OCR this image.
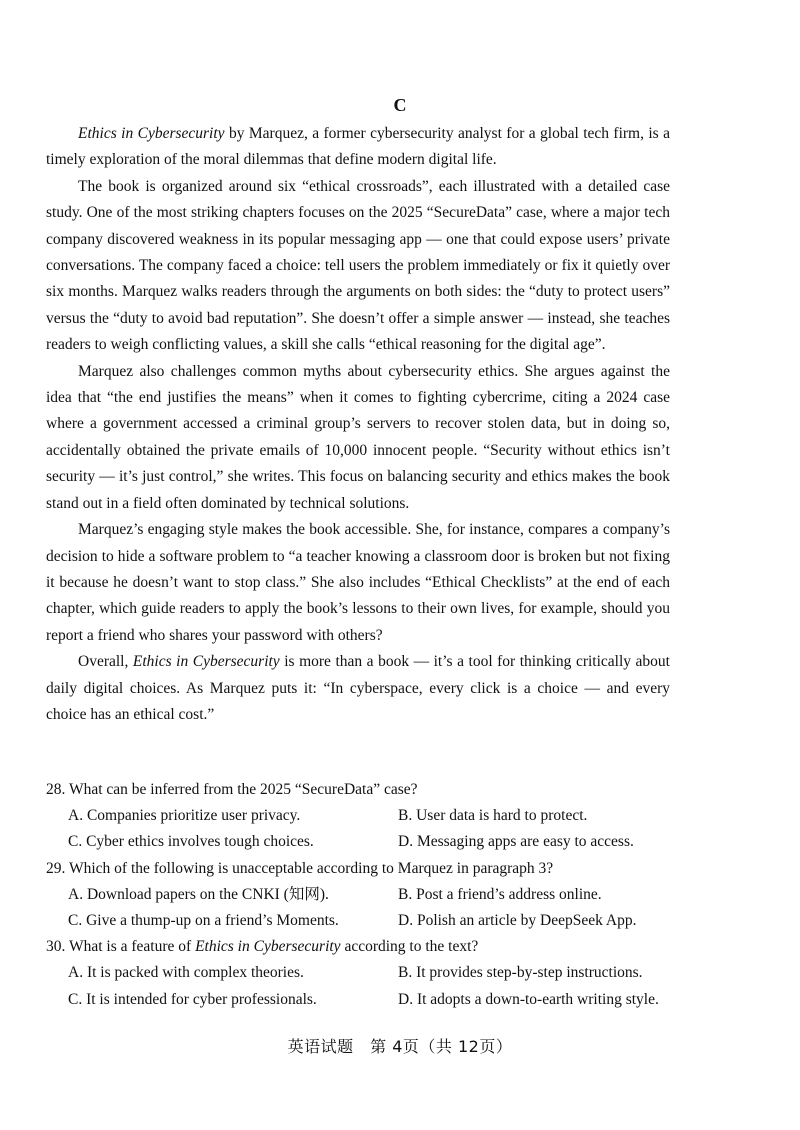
C

Ethics in Cybersecurity by Marquez, a former cybersecurity analyst for a global tech firm, is a timely exploration of the moral dilemmas that define modern digital life.

The book is organized around six “ethical crossroads”, each illustrated with a detailed case study. One of the most striking chapters focuses on the 2025 “SecureData” case, where a major tech company discovered weakness in its popular messaging app — one that could expose users’ private conversations. The company faced a choice: tell users the problem immediately or fix it quietly over six months. Marquez walks readers through the arguments on both sides: the “duty to protect users” versus the “duty to avoid bad reputation”. She doesn’t offer a simple answer — instead, she teaches readers to weigh conflicting values, a skill she calls “ethical reasoning for the digital age”.

Marquez also challenges common myths about cybersecurity ethics. She argues against the idea that “the end justifies the means” when it comes to fighting cybercrime, citing a 2024 case where a government accessed a criminal group’s servers to recover stolen data, but in doing so, accidentally obtained the private emails of 10,000 innocent people. “Security without ethics isn’t security — it’s just control,” she writes. This focus on balancing security and ethics makes the book stand out in a field often dominated by technical solutions.

Marquez’s engaging style makes the book accessible. She, for instance, compares a company’s decision to hide a software problem to “a teacher knowing a classroom door is broken but not fixing it because he doesn’t want to stop class.” She also includes “Ethical Checklists” at the end of each chapter, which guide readers to apply the book’s lessons to their own lives, for example, should you report a friend who shares your password with others?

Overall, Ethics in Cybersecurity is more than a book — it’s a tool for thinking critically about daily digital choices. As Marquez puts it: “In cyberspace, every click is a choice — and every choice has an ethical cost.”

28. What can be inferred from the 2025 “SecureData” case?

A. Companies prioritize user privacy.	B. User data is hard to protect.
C. Cyber ethics involves tough choices.	D. Messaging apps are easy to access.

29. Which of the following is unacceptable according to Marquez in paragraph 3?

A. Download papers on the CNKI (知网).	B. Post a friend’s address online.
C. Give a thump-up on a friend’s Moments.	D. Polish an article by DeepSeek App.

30. What is a feature of Ethics in Cybersecurity according to the text?

A. It is packed with complex theories.	B. It provides step-by-step instructions.
C. It is intended for cyber professionals.	D. It adopts a down-to-earth writing style.
英语试题　第 4页（共 12页）
